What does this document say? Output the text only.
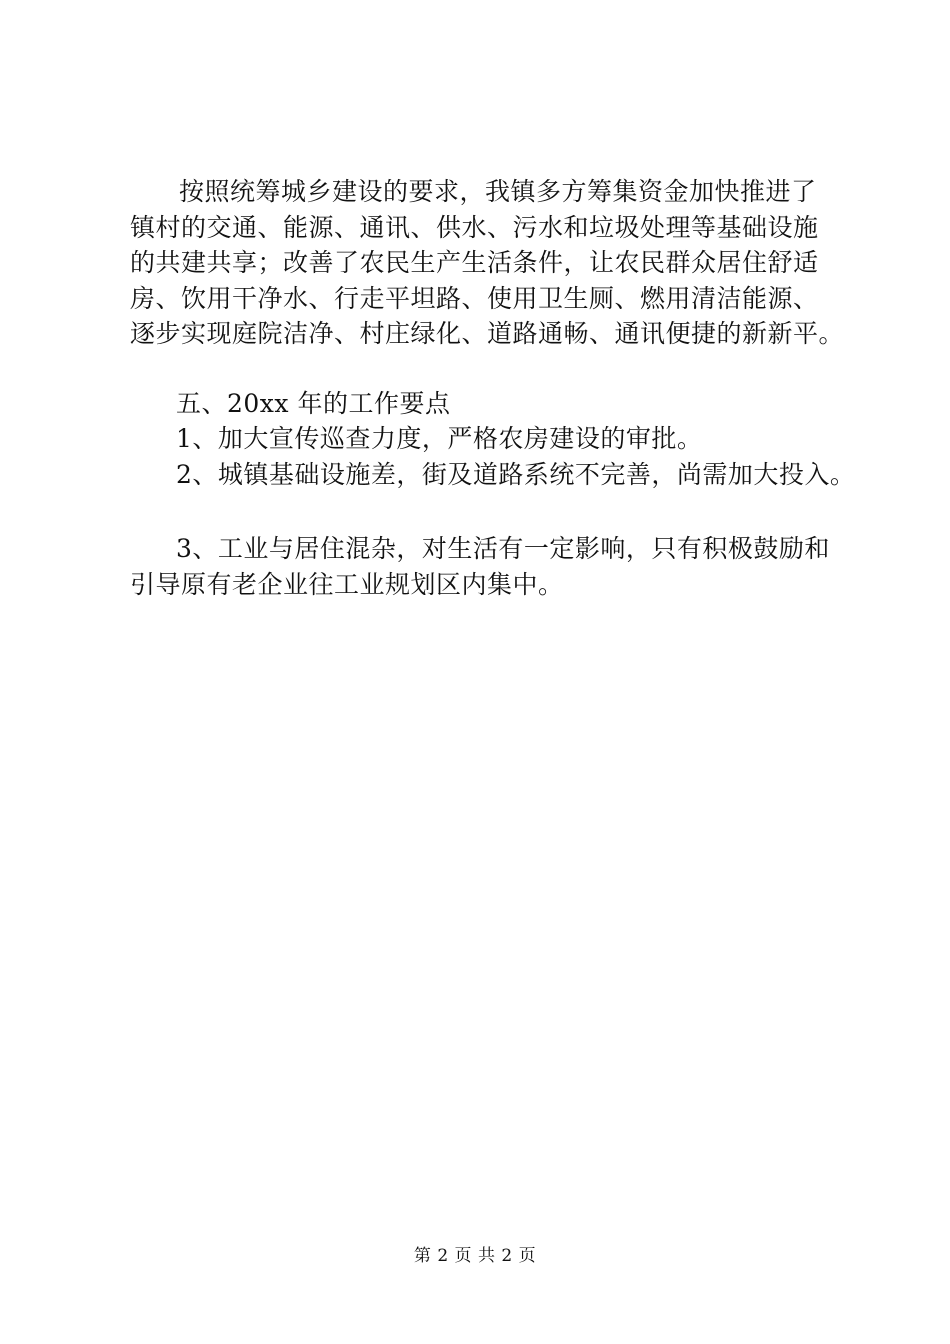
按照统筹城乡建设的要求，我镇多方筹集资金加快推进了
镇村的交通、能源、通讯、供水、污水和垃圾处理等基础设施
的共建共享；改善了农民生产生活条件，让农民群众居住舒适
房、饮用干净水、行走平坦路、使用卫生厕、燃用清洁能源、
逐步实现庭院洁净、村庄绿化、道路通畅、通讯便捷的新新平。

五、20xx 年的工作要点
1、加大宣传巡查力度，严格农房建设的审批。
2、城镇基础设施差，街及道路系统不完善，尚需加大投入。

3、工业与居住混杂，对生活有一定影响，只有积极鼓励和
引导原有老企业往工业规划区内集中。

第 2 页 共 2 页
